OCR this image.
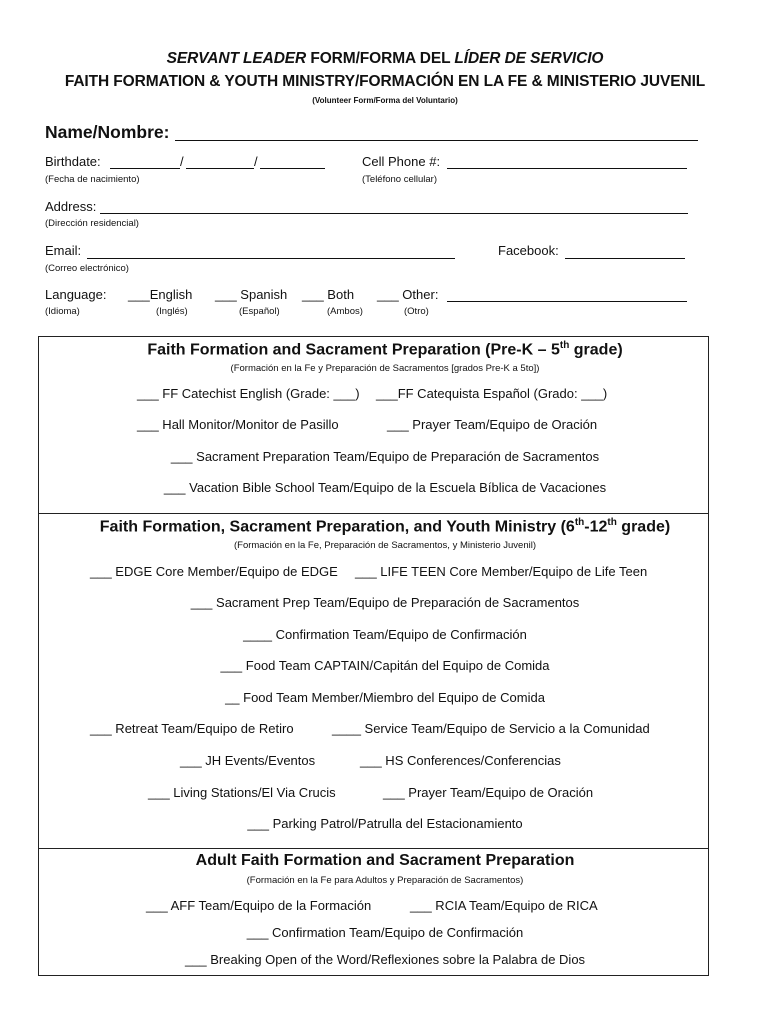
SERVANT LEADER FORM/FORMA DEL LÍDER DE SERVICIO
FAITH FORMATION & YOUTH MINISTRY/FORMACIÓN EN LA FE & MINISTERIO JUVENIL
(Volunteer Form/Forma del Voluntario)
Name/Nombre:
Birthdate:	/	/
(Fecha de nacimiento)
Cell Phone #:
(Teléfono cellular)
Address:
(Dirección residencial)
Email:
(Correo electrónico)
Facebook:
Language:
(Idioma)
___English
(Inglés)
___ Spanish
(Español)
___ Both
(Ambos)
___ Other:
(Otro)
Faith Formation and Sacrament Preparation (Pre-K – 5th grade)
(Formación en la Fe y Preparación de Sacramentos [grados Pre-K a 5to])
___ FF Catechist English (Grade: ___) ___FF Catequista Español (Grado: ___)
___ Hall Monitor/Monitor de Pasillo	___ Prayer Team/Equipo de Oración
___ Sacrament Preparation Team/Equipo de Preparación de Sacramentos
___ Vacation Bible School Team/Equipo de la Escuela Bíblica de Vacaciones
Faith Formation, Sacrament Preparation, and Youth Ministry (6th-12th grade)
(Formación en la Fe, Preparación de Sacramentos, y Ministerio Juvenil)
___ EDGE Core Member/Equipo de EDGE ___ LIFE TEEN Core Member/Equipo de Life Teen
___ Sacrament Prep Team/Equipo de Preparación de Sacramentos
____ Confirmation Team/Equipo de Confirmación
___ Food Team CAPTAIN/Capitán del Equipo de Comida
__ Food Team Member/Miembro del Equipo de Comida
___ Retreat Team/Equipo de Retiro	____ Service Team/Equipo de Servicio a la Comunidad
___ JH Events/Eventos	___ HS Conferences/Conferencias
___ Living Stations/El Via Crucis	___ Prayer Team/Equipo de Oración
___ Parking Patrol/Patrulla del Estacionamiento
Adult Faith Formation and Sacrament Preparation
(Formación en la Fe para Adultos y Preparación de Sacramentos)
___ AFF Team/Equipo de la Formación	___ RCIA Team/Equipo de RICA
___ Confirmation Team/Equipo de Confirmación
___ Breaking Open of the Word/Reflexiones sobre la Palabra de Dios
